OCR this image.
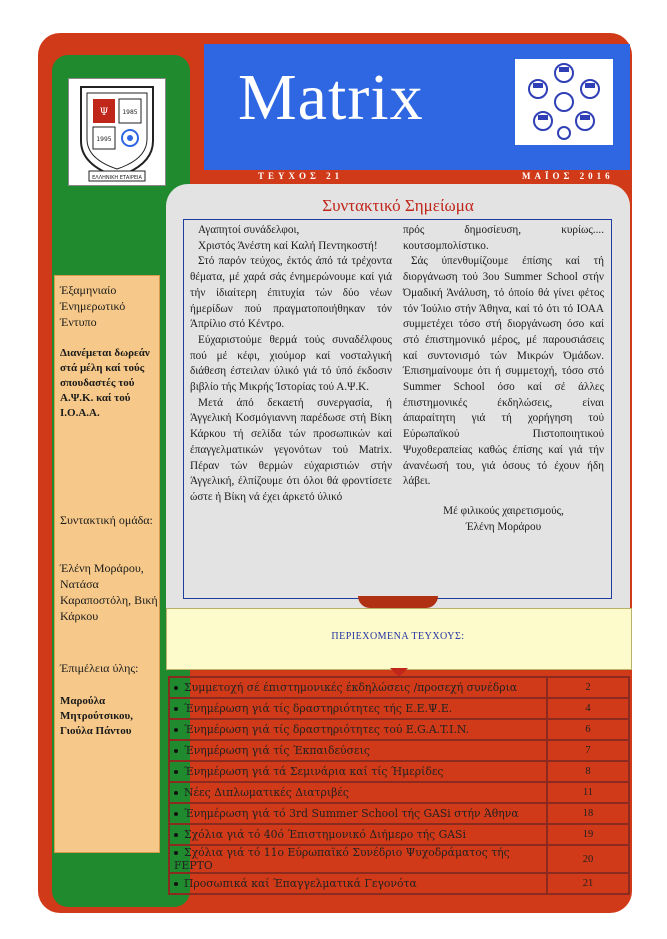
Ψ 1985
1995
ΕΛΛΗΝΙΚΗ ΕΤΑΙΡΕΙΑ
Έξαμηνιαίο Ένημερωτικό Έντυπο
Διανέμεται δωρεάν στά μέλη καί τούς σπουδαστές τού Α.Ψ.Κ. καί τού Ι.Ο.Α.Α.
Συντακτική ομάδα:
Έλένη Μοράρου, Νατάσα Καραποστόλη, Βική Κάρκου
Έπιμέλεια ύλης:
Μαρούλα Μητρούτσικου, Γιούλα Πάντου
Matrix
ΤΕΥΧΟΣ 21	ΜΑΪΟΣ 2016
Συντακτικό Σημείωμα

Αγαπητοί συνάδελφοι,

Χριστός Άνέστη καί Καλή Πεντηκοστή!

Στό παρόν τεύχος, έκτός άπό τά τρέχοντα θέματα, μέ χαρά σάς ένημερώνουμε καί γιά τήν ίδιαίτερη έπιτυχία τών δύο νέων ήμερίδων πού πραγματοποιήθηκαν τόν Άπρίλιο στό Κέντρο.

Εύχαριστούμε θερμά τούς συναδέλφους πού μέ κέφι, χιούμορ καί νοσταλγική διάθεση έστειλαν ύλικό γιά τό ύπό έκδοσιν βιβλίο τής Μικρής Ίστορίας τού Α.Ψ.Κ.

Μετά άπό δεκαετή συνεργασία, ή Άγγελική Κοσμόγιαννη παρέδωσε στή Βίκη Κάρκου τή σελίδα τών προσωπικών καί έπαγγελματικών γεγονότων τού Matrix. Πέραν τών θερμών εύχαριστιών στήν Άγγελική, έλπίζουμε ότι όλοι θά φροντίσετε ώστε ή Βίκη νά έχει άρκετό ύλικό

πρός δημοσίευση, κυρίως.... κουτσομπολίστικο.

Σάς ύπενθυμίζουμε έπίσης καί τή διοργάνωση τού 3ου Summer School στήν Όμαδική Άνάλυση, τό όποίο θά γίνει φέτος τόν Ίούλιο στήν Άθηνα, καί τό ότι τό ΙΟΑΑ συμμετέχει τόσο στή διοργάνωση όσο καί στό έπιστημονικό μέρος, μέ παρουσιάσεις καί συντονισμό τών Μικρών Όμάδων. Έπισημαίνουμε ότι ή συμμετοχή, τόσο στό Summer School όσο καί σέ άλλες έπιστημονικές έκδηλώσεις, είναι άπαραίτητη γιά τή χορήγηση τού Εύρωπαϊκού Πιστοποιητικού Ψυχοθεραπείας καθώς έπίσης καί γιά τήν άνανέωσή του, γιά όσους τό έχουν ήδη λάβει.

Μέ φιλικούς χαιρετισμούς,

Έλένη Μοράρου

ΠΕΡΙΕΧΟΜΕΝΑ ΤΕΥΧΟΥΣ:
Συμμετοχή σέ έπιστημονικές έκδηλώσεις /προσεχή συνέδρια	2
Ένημέρωση γιά τίς δραστηριότητες τής Ε.Ε.Ψ.Ε.	4
Ένημέρωση γιά τίς δραστηριότητες τού E.G.A.T.I.N.	6
Ένημέρωση γιά τίς Έκπαιδεύσεις	7
Ένημέρωση γιά τά Σεμινάρια καί τίς Ήμερίδες	8
Νέες Διπλωματικές Διατριβές	11
Ένημέρωση γιά τό 3rd Summer School τής GASi στήν Άθηνα	18
Σχόλια γιά τό 40ό Έπιστημονικό Διήμερο τής GASi	19
Σχόλια γιά τό 11ο Εύρωπαϊκό Συνέδριο Ψυχοδράματος τής FEPTO	20
Προσωπικά καί Έπαγγελματικά Γεγονότα	21
